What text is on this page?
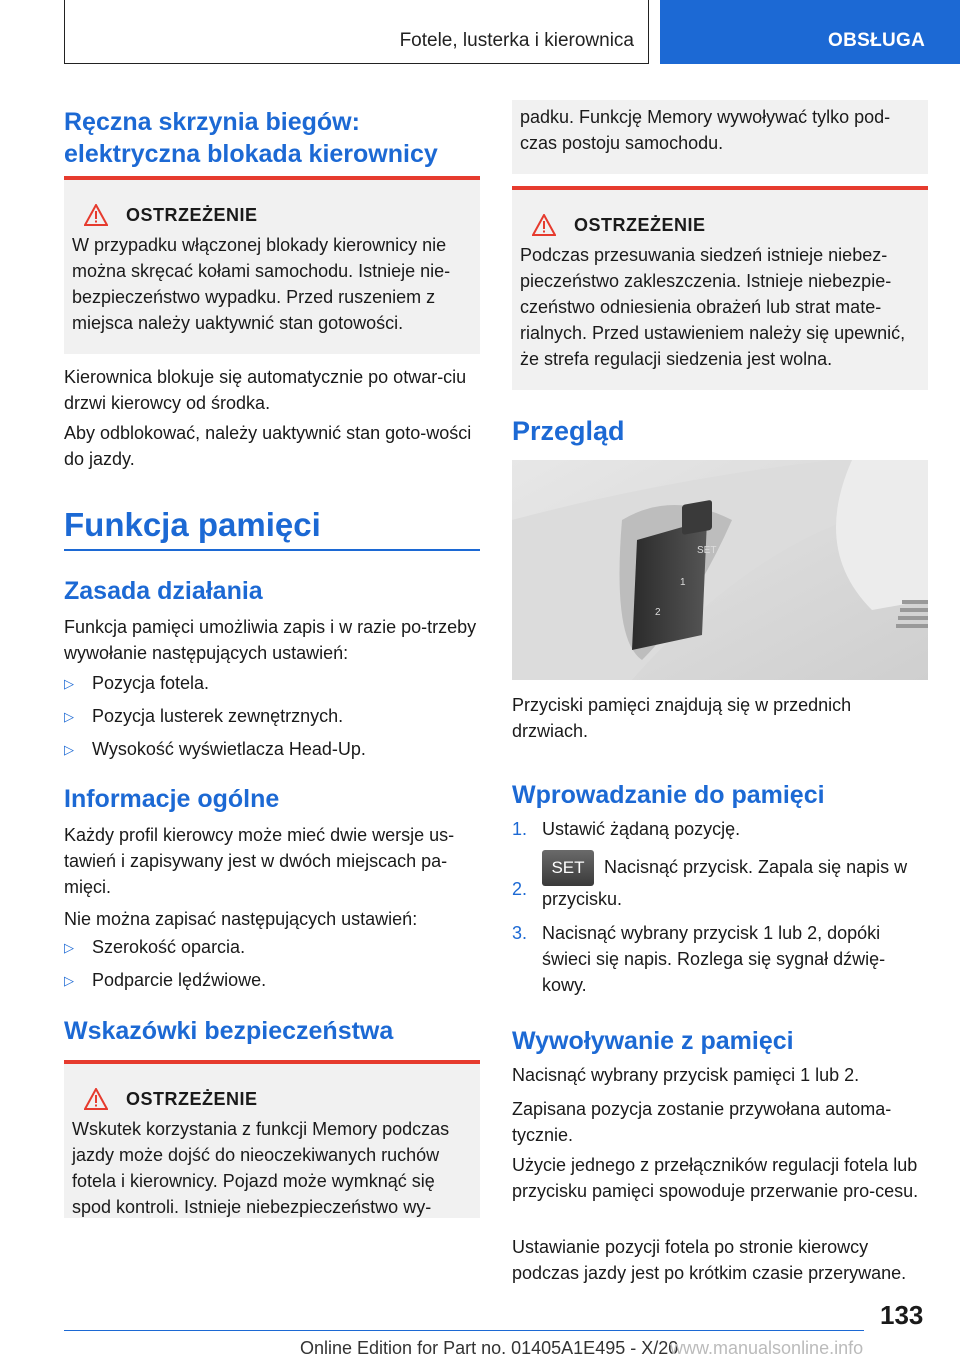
Fotele, lusterka i kierownica	OBSŁUGA
Ręczna skrzynia biegów:
elektryczna blokada kierownicy
OSTRZEŻENIE

W przypadku włączonej blokady kierownicy nie można skręcać kołami samochodu. Istnieje nie-bezpieczeństwo wypadku. Przed ruszeniem z miejsca należy uaktywnić stan gotowości.

Kierownica blokuje się automatycznie po otwar-ciu drzwi kierowcy od środka.

Aby odblokować, należy uaktywnić stan goto-wości do jazdy.

Funkcja pamięci
Zasada działania

Funkcja pamięci umożliwia zapis i w razie po-trzeby wywołanie następujących ustawień:

▷	Pozycja fotela.
▷	Pozycja lusterek zewnętrznych.
▷	Wysokość wyświetlacza Head-Up.
Informacje ogólne

Każdy profil kierowcy może mieć dwie wersje us-tawień i zapisywany jest w dwóch miejscach pa-mięci.

Nie można zapisać następujących ustawień:

▷	Szerokość oparcia.
▷	Podparcie lędźwiowe.
Wskazówki bezpieczeństwa
OSTRZEŻENIE

Wskutek korzystania z funkcji Memory podczas jazdy może dojść do nieoczekiwanych ruchów fotela i kierownicy. Pojazd może wymknąć się spod kontroli. Istnieje niebezpieczeństwo wy-

padku. Funkcję Memory wywoływać tylko pod-czas postoju samochodu.

OSTRZEŻENIE

Podczas przesuwania siedzeń istnieje niebez-pieczeństwo zakleszczenia. Istnieje niebezpie-czeństwo odniesienia obrażeń lub strat mate-rialnych. Przed ustawieniem należy się upewnić, że strefa regulacji siedzenia jest wolna.

Przegląd
SET
1
2

Przyciski pamięci znajdują się w przednich drzwiach.

Wprowadzanie do pamięci
1. Ustawić żądaną pozycję.
2.
SET Nacisnąć przycisk. Zapala się napis w przycisku.
3. Nacisnąć wybrany przycisk 1 lub 2, dopóki świeci się napis. Rozlega się sygnał dźwię-kowy.
Wywoływanie z pamięci

Nacisnąć wybrany przycisk pamięci 1 lub 2.

Zapisana pozycja zostanie przywołana automa-tycznie.

Użycie jednego z przełączników regulacji fotela lub przycisku pamięci spowoduje przerwanie pro-cesu.

Ustawianie pozycji fotela po stronie kierowcy podczas jazdy jest po krótkim czasie przerywane.

133
Online Edition for Part no. 01405A1E495 - X/20
www.manualsonline.info
